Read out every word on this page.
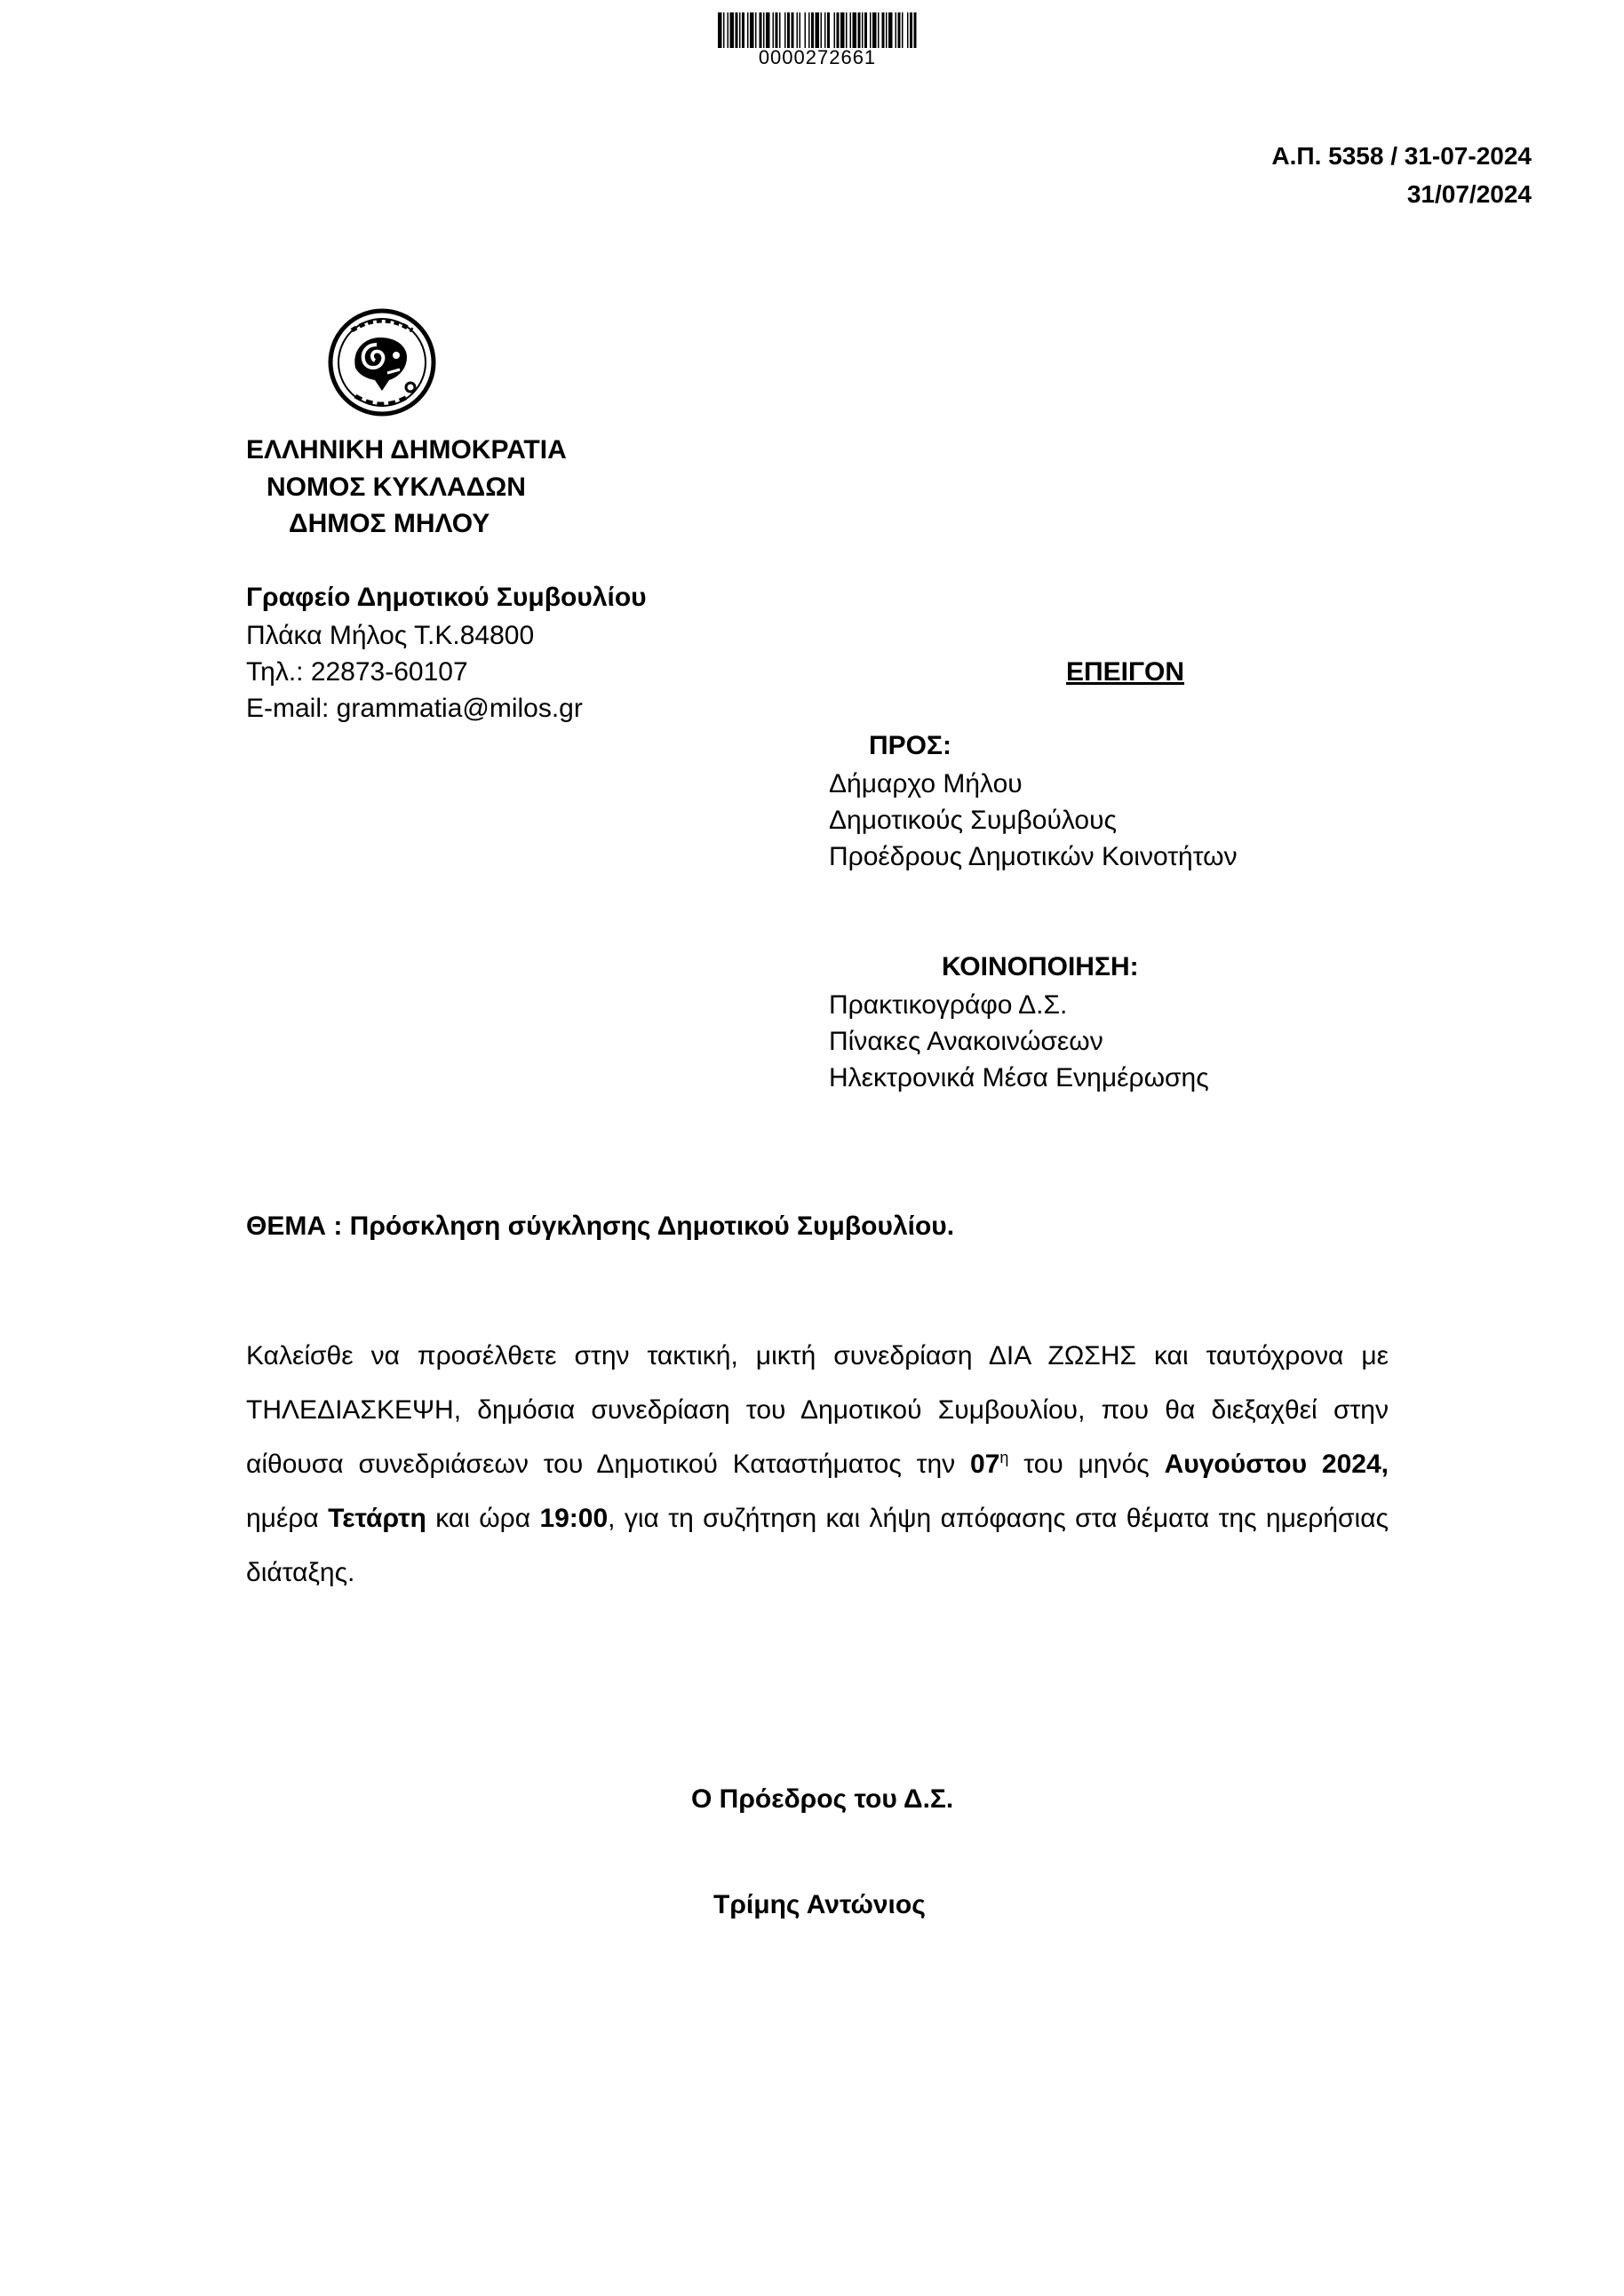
0000272661
Α.Π. 5358 / 31-07-2024
31/07/2024
ΕΛΛΗΝΙΚΗ ΔΗΜΟΚΡΑΤΙΑ
ΝΟΜΟΣ ΚΥΚΛΑΔΩΝ
ΔΗΜΟΣ ΜΗΛΟΥ
Γραφείο Δημοτικού Συμβουλίου
Πλάκα Μήλος Τ.Κ.84800
Τηλ.: 22873-60107
E-mail: grammatia@milos.gr
ΕΠΕΙΓΟΝ
ΠΡΟΣ:
Δήμαρχο Μήλου
Δημοτικούς Συμβούλους
Προέδρους Δημοτικών Κοινοτήτων
ΚΟΙΝΟΠΟΙΗΣΗ:
Πρακτικογράφο Δ.Σ.
Πίνακες Ανακοινώσεων
Ηλεκτρονικά Μέσα Ενημέρωσης
ΘΕΜΑ : Πρόσκληση σύγκλησης Δημοτικού Συμβουλίου.
Καλείσθε να προσέλθετε στην τακτική, μικτή συνεδρίαση ΔΙΑ ΖΩΣΗΣ και ταυτόχρονα με ΤΗΛΕΔΙΑΣΚΕΨΗ, δημόσια συνεδρίαση του Δημοτικού Συμβουλίου, που θα διεξαχθεί στην αίθουσα συνεδριάσεων του Δημοτικού Καταστήματος την $07^\eta$ του μηνός Αυγούστου 2024, ημέρα Τετάρτη και ώρα 19:00, για τη συζήτηση και λήψη απόφασης στα θέματα της ημερήσιας διάταξης.
Ο Πρόεδρος του Δ.Σ.
Τρίμης Αντώνιος
